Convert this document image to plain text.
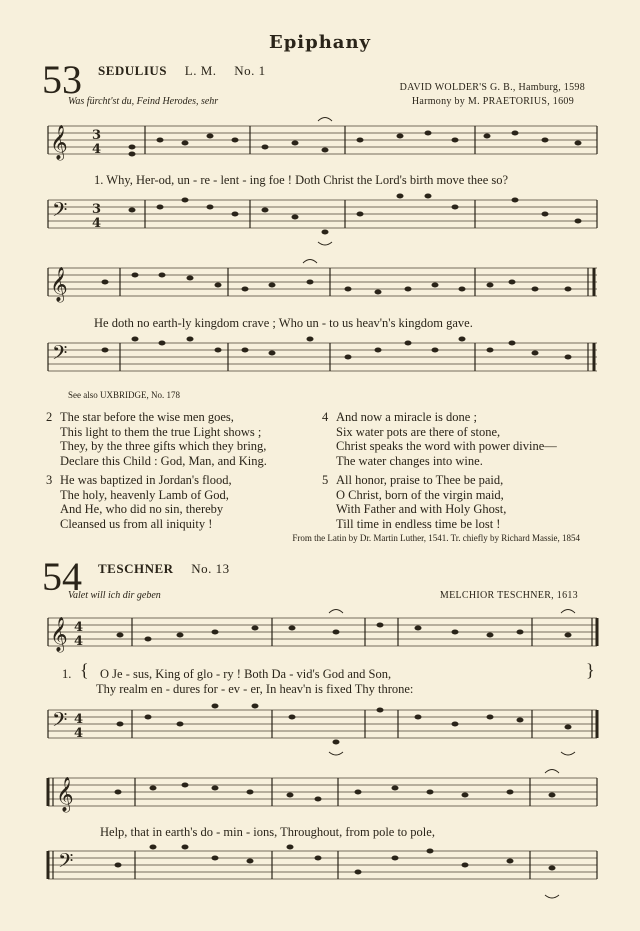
Epiphany
53 SEDULIUS L. M. No. 1
DAVID WOLDER'S G. B., Hamburg, 1598
Was fürcht'st du, Feind Herodes, sehr	Harmony by M. PRAETORIUS, 1609
𝄞 3
4
1. Why, Her-od, un - re - lent - ing foe ! Doth Christ the Lord's birth move thee so?
𝄢 3
4
𝄞
He doth no earth-ly kingdom crave ; Who un - to us heav'n's kingdom gave.
𝄢
See also UXBRIDGE, No. 178
2 The star before the wise men goes,
This light to them the true Light shows ;
They, by the three gifts which they bring,
Declare this Child : God, Man, and King.
4 And now a miracle is done ;
Six water pots are there of stone,
Christ speaks the word with power divine—
The water changes into wine.
3 He was baptized in Jordan's flood,
The holy, heavenly Lamb of God,
And He, who did no sin, thereby
Cleansed us from all iniquity !
5 All honor, praise to Thee be paid,
O Christ, born of the virgin maid,
With Father and with Holy Ghost,
Till time in endless time be lost !
From the Latin by Dr. Martin Luther, 1541. Tr. chiefly by Richard Massie, 1854
54 TESCHNER No. 13
Valet will ich dir geben	MELCHIOR TESCHNER, 1613
𝄞 4
4
1. { O Je - sus, King of glo - ry ! Both Da - vid's God and Son,
Thy realm en - dures for - ev - er, In heav'n is fixed Thy throne:
}
𝄢 4
4
𝄞
Help, that in earth's do - min - ions, Throughout, from pole to pole,
𝄢
